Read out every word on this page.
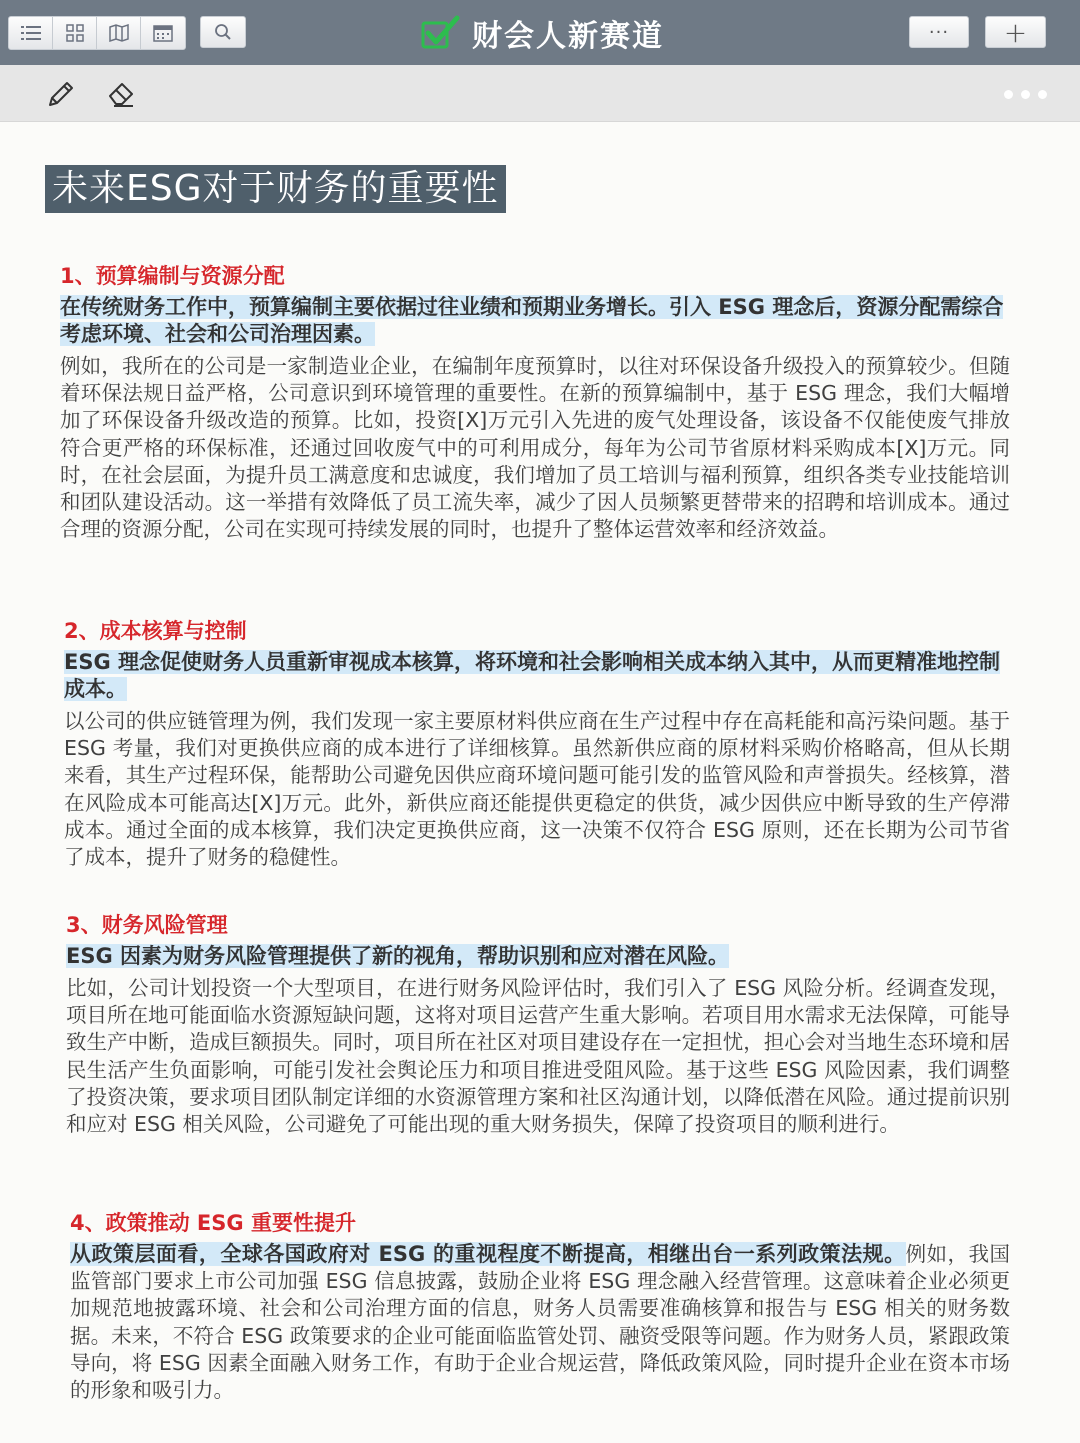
财会人新赛道	···	+
未来ESG对于财务的重要性
1、预算编制与资源分配
在传统财务工作中，预算编制主要依据过往业绩和预期业务增长。引入 ESG 理念后，资源分配需综合考虑环境、社会和公司治理因素。

例如，我所在的公司是一家制造业企业，在编制年度预算时，以往对环保设备升级投入的预算较少。但随着环保法规日益严格，公司意识到环境管理的重要性。在新的预算编制中，基于 ESG 理念，我们大幅增加了环保设备升级改造的预算。比如，投资[X]万元引入先进的废气处理设备，该设备不仅能使废气排放符合更严格的环保标准，还通过回收废气中的可利用成分，每年为公司节省原材料采购成本[X]万元。同时，在社会层面，为提升员工满意度和忠诚度，我们增加了员工培训与福利预算，组织各类专业技能培训和团队建设活动。这一举措有效降低了员工流失率，减少了因人员频繁更替带来的招聘和培训成本。通过合理的资源分配，公司在实现可持续发展的同时，也提升了整体运营效率和经济效益。

2、成本核算与控制
ESG 理念促使财务人员重新审视成本核算，将环境和社会影响相关成本纳入其中，从而更精准地控制成本。

以公司的供应链管理为例，我们发现一家主要原材料供应商在生产过程中存在高耗能和高污染问题。基于 ESG 考量，我们对更换供应商的成本进行了详细核算。虽然新供应商的原材料采购价格略高，但从长期来看，其生产过程环保，能帮助公司避免因供应商环境问题可能引发的监管风险和声誉损失。经核算，潜在风险成本可能高达[X]万元。此外，新供应商还能提供更稳定的供货，减少因供应中断导致的生产停滞成本。通过全面的成本核算，我们决定更换供应商，这一决策不仅符合 ESG 原则，还在长期为公司节省了成本，提升了财务的稳健性。

3、财务风险管理
ESG 因素为财务风险管理提供了新的视角，帮助识别和应对潜在风险。

比如，公司计划投资一个大型项目，在进行财务风险评估时，我们引入了 ESG 风险分析。经调查发现，项目所在地可能面临水资源短缺问题，这将对项目运营产生重大影响。若项目用水需求无法保障，可能导致生产中断，造成巨额损失。同时，项目所在社区对项目建设存在一定担忧，担心会对当地生态环境和居民生活产生负面影响，可能引发社会舆论压力和项目推进受阻风险。基于这些 ESG 风险因素，我们调整了投资决策，要求项目团队制定详细的水资源管理方案和社区沟通计划，以降低潜在风险。通过提前识别和应对 ESG 相关风险，公司避免了可能出现的重大财务损失，保障了投资项目的顺利进行。

4、政策推动 ESG 重要性提升

从政策层面看，全球各国政府对 ESG 的重视程度不断提高，相继出台一系列政策法规。例如，我国监管部门要求上市公司加强 ESG 信息披露，鼓励企业将 ESG 理念融入经营管理。这意味着企业必须更加规范地披露环境、社会和公司治理方面的信息，财务人员需要准确核算和报告与 ESG 相关的财务数据。未来，不符合 ESG 政策要求的企业可能面临监管处罚、融资受限等问题。作为财务人员，紧跟政策导向，将 ESG 因素全面融入财务工作，有助于企业合规运营，降低政策风险，同时提升企业在资本市场的形象和吸引力。
